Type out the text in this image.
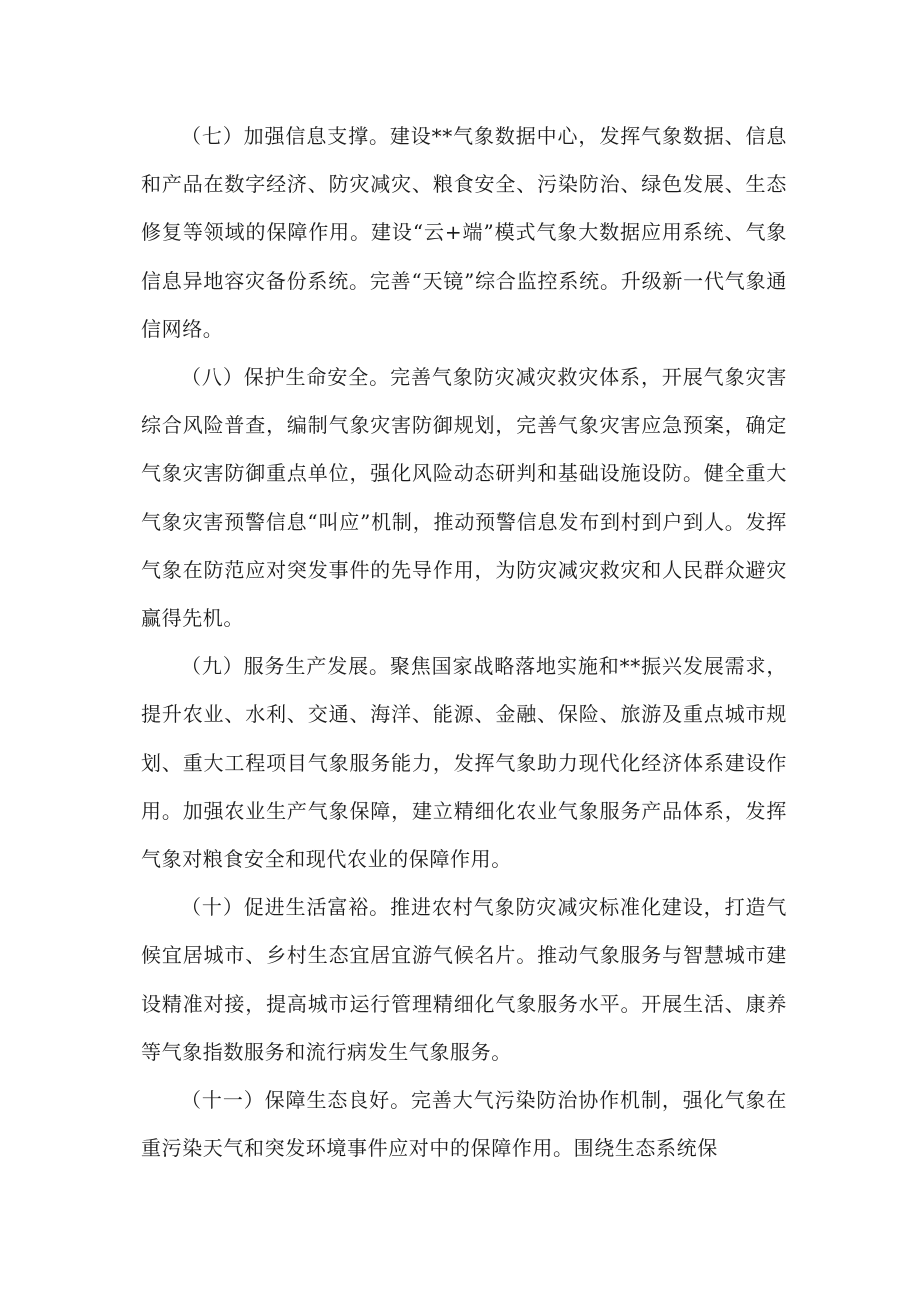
（七）加强信息支撑。建设**气象数据中心，发挥气象数据、信息和产品在数字经济、防灾减灾、粮食安全、污染防治、绿色发展、生态修复等领域的保障作用。建设“云+端”模式气象大数据应用系统、气象信息异地容灾备份系统。完善“天镜”综合监控系统。升级新一代气象通信网络。

（八）保护生命安全。完善气象防灾减灾救灾体系，开展气象灾害综合风险普查，编制气象灾害防御规划，完善气象灾害应急预案，确定气象灾害防御重点单位，强化风险动态研判和基础设施设防。健全重大气象灾害预警信息“叫应”机制，推动预警信息发布到村到户到人。发挥气象在防范应对突发事件的先导作用，为防灾减灾救灾和人民群众避灾赢得先机。

（九）服务生产发展。聚焦国家战略落地实施和**振兴发展需求，提升农业、水利、交通、海洋、能源、金融、保险、旅游及重点城市规划、重大工程项目气象服务能力，发挥气象助力现代化经济体系建设作用。加强农业生产气象保障，建立精细化农业气象服务产品体系，发挥气象对粮食安全和现代农业的保障作用。

（十）促进生活富裕。推进农村气象防灾减灾标准化建设，打造气候宜居城市、乡村生态宜居宜游气候名片。推动气象服务与智慧城市建设精准对接，提高城市运行管理精细化气象服务水平。开展生活、康养等气象指数服务和流行病发生气象服务。

（十一）保障生态良好。完善大气污染防治协作机制，强化气象在重污染天气和突发环境事件应对中的保障作用。围绕生态系统保
